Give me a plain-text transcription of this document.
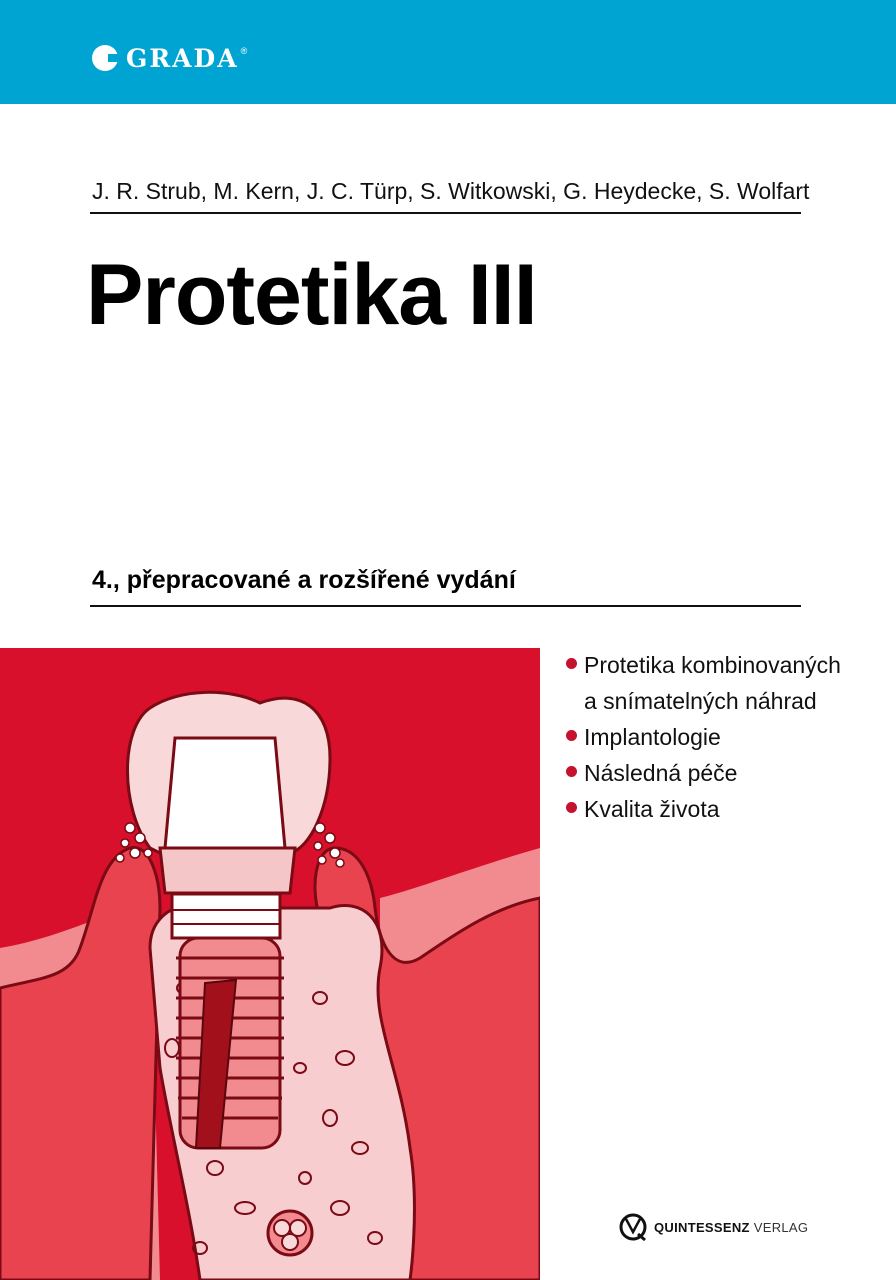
GRADA ®
J. R. Strub, M. Kern, J. C. Türp, S. Witkowski, G. Heydecke, S. Wolfart
Protetika III
4., přepracované a rozšířené vydání
Protetika kombinovaných
a snímatelných náhrad
Implantologie
Následná péče
Kvalita života
QUINTESSENZ VERLAG
